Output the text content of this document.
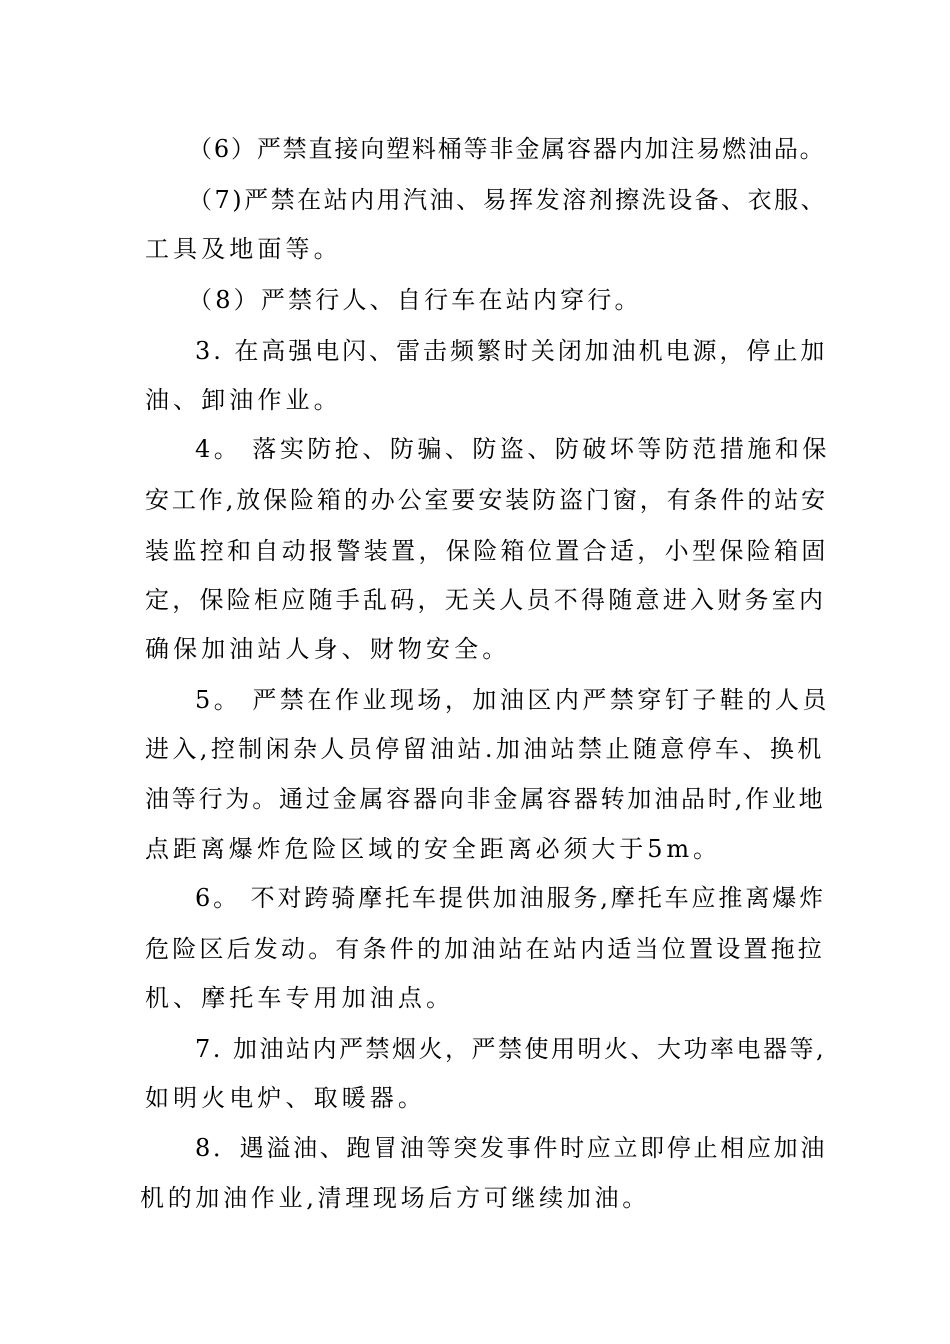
（6）严禁直接向塑料桶等非金属容器内加注易燃油品。
（7)严禁在站内用汽油、易挥发溶剂擦洗设备、衣服、
工具及地面等。
（8）严禁行人、自行车在站内穿行。
3. 在高强电闪、雷击频繁时关闭加油机电源，停止加
油、卸油作业。
4。 落实防抢、防骗、防盗、防破坏等防范措施和保
安工作,放保险箱的办公室要安装防盗门窗，有条件的站安
装监控和自动报警装置，保险箱位置合适，小型保险箱固
定，保险柜应随手乱码，无关人员不得随意进入财务室内
确保加油站人身、财物安全。
5。 严禁在作业现场，加油区内严禁穿钉子鞋的人员
进入,控制闲杂人员停留油站.加油站禁止随意停车、换机
油等行为。通过金属容器向非金属容器转加油品时,作业地
点距离爆炸危险区域的安全距离必须大于5m。
6。 不对跨骑摩托车提供加油服务,摩托车应推离爆炸
危险区后发动。有条件的加油站在站内适当位置设置拖拉
机、摩托车专用加油点。
7. 加油站内严禁烟火，严禁使用明火、大功率电器等,
如明火电炉、取暖器。
8．遇溢油、跑冒油等突发事件时应立即停止相应加油
机的加油作业,清理现场后方可继续加油。
